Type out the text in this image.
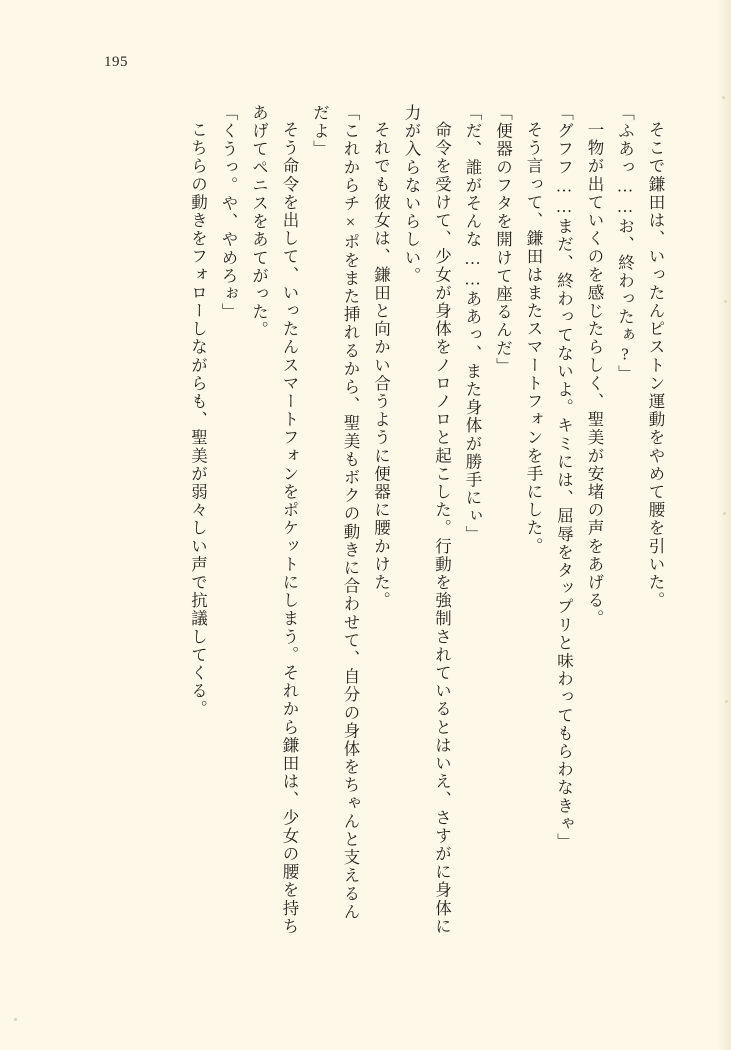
195

そこで鎌田は、いったんピストン運動をやめて腰を引いた。

「ふあっ……お、終わったぁ?」

一物が出ていくのを感じたらしく、聖美が安堵の声をあげる。

「グフフ……まだ、終わってないよ。キミには、屈辱をタップリと味わってもらわなきゃ」

そう言って、鎌田はまたスマートフォンを手にした。

「便器のフタを開けて座るんだ」

「だ、誰がそんな……ああっ、また身体が勝手にぃ」

命令を受けて、少女が身体をノロノロと起こした。行動を強制されているとはいえ、さすがに身体に力が入らないらしい。

それでも彼女は、鎌田と向かい合うように便器に腰かけた。

「これからチ×ポをまた挿れるから、聖美もボクの動きに合わせて、自分の身体をちゃんと支えるんだよ」

そう命令を出して、いったんスマートフォンをポケットにしまう。それから鎌田は、少女の腰を持ちあげてペニスをあてがった。

「くうっ。や、やめろぉ」

こちらの動きをフォローしながらも、聖美が弱々しい声で抗議してくる。
